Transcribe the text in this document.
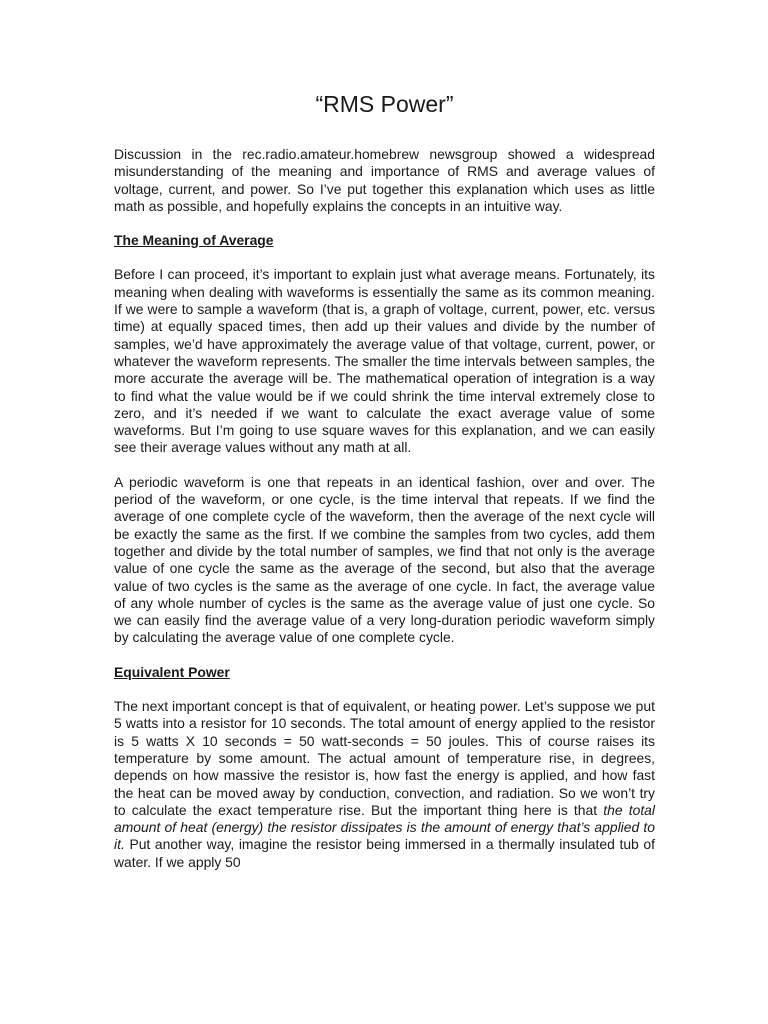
“RMS Power”

Discussion in the rec.radio.amateur.homebrew newsgroup showed a widespread misunderstanding of the meaning and importance of RMS and average values of voltage, current, and power. So I’ve put together this explanation which uses as little math as possible, and hopefully explains the concepts in an intuitive way.

The Meaning of Average

Before I can proceed, it’s important to explain just what average means. Fortunately, its meaning when dealing with waveforms is essentially the same as its common meaning. If we were to sample a waveform (that is, a graph of voltage, current, power, etc. versus time) at equally spaced times, then add up their values and divide by the number of samples, we’d have approximately the average value of that voltage, current, power, or whatever the waveform represents. The smaller the time intervals between samples, the more accurate the average will be. The mathematical operation of integration is a way to find what the value would be if we could shrink the time interval extremely close to zero, and it’s needed if we want to calculate the exact average value of some waveforms. But I’m going to use square waves for this explanation, and we can easily see their average values without any math at all.

A periodic waveform is one that repeats in an identical fashion, over and over. The period of the waveform, or one cycle, is the time interval that repeats. If we find the average of one complete cycle of the waveform, then the average of the next cycle will be exactly the same as the first. If we combine the samples from two cycles, add them together and divide by the total number of samples, we find that not only is the average value of one cycle the same as the average of the second, but also that the average value of two cycles is the same as the average of one cycle. In fact, the average value of any whole number of cycles is the same as the average value of just one cycle. So we can easily find the average value of a very long-duration periodic waveform simply by calculating the average value of one complete cycle.

Equivalent Power

The next important concept is that of equivalent, or heating power. Let’s suppose we put 5 watts into a resistor for 10 seconds. The total amount of energy applied to the resistor is 5 watts X 10 seconds = 50 watt-seconds = 50 joules. This of course raises its temperature by some amount. The actual amount of temperature rise, in degrees, depends on how massive the resistor is, how fast the energy is applied, and how fast the heat can be moved away by conduction, convection, and radiation. So we won’t try to calculate the exact temperature rise. But the important thing here is that the total amount of heat (energy) the resistor dissipates is the amount of energy that’s applied to it. Put another way, imagine the resistor being immersed in a thermally insulated tub of water. If we apply 50
